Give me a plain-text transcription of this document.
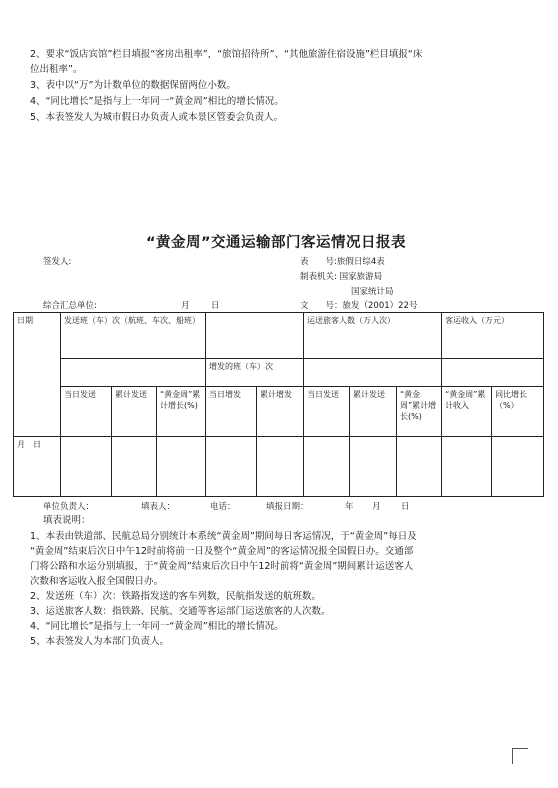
2、要求“饭店宾馆”栏目填报“客房出租率”，“旅馆招待所”、“其他旅游住宿设施”栏目填报“床
位出租率”。
3、表中以“万”为计数单位的数据保留两位小数。
4、“同比增长”是指与上一年同一“黄金周”相比的增长情况。
5、本表签发人为城市假日办负责人或本景区管委会负责人。
“黄金周”交通运输部门客运情况日报表
签发人:	表　　号:旅假日综4表
制表机关: 国家旅游局
国家统计局
综合汇总单位:	月	日	文　　号：旅发（2001）22号
日期	发送班（车）次（航班、车次、船班）					运送旅客人数（万人次）			客运收入（万元）	
				增发的班（车）次						
	当日发送	累计发送	“黄金周”累计增长(%)	当日增发	累计增发	当日发送	累计发送	“黄金周”累计增长(%)	“黄金周”累计收入	同比增长（%）
月　日										
单位负责人：	填表人：	电话：	填报日期：	年 月 日
填表说明：
1、本表由铁道部、民航总局分别统计本系统“黄金周”期间每日客运情况，于“黄金周”每日及
“黄金周”结束后次日中午12时前将前一日及整个“黄金周”的客运情况报全国假日办。交通部
门将公路和水运分别填报，于“黄金周”结束后次日中午12时前将“黄金周”期间累计运送客人
次数和客运收入报全国假日办。
2、发送班（车）次：铁路指发送的客车列数，民航指发送的航班数。
3、运送旅客人数：指铁路、民航、交通等客运部门运送旅客的人次数。
4、“同比增长”是指与上一年同一“黄金周”相比的增长情况。
5、本表签发人为本部门负责人。
